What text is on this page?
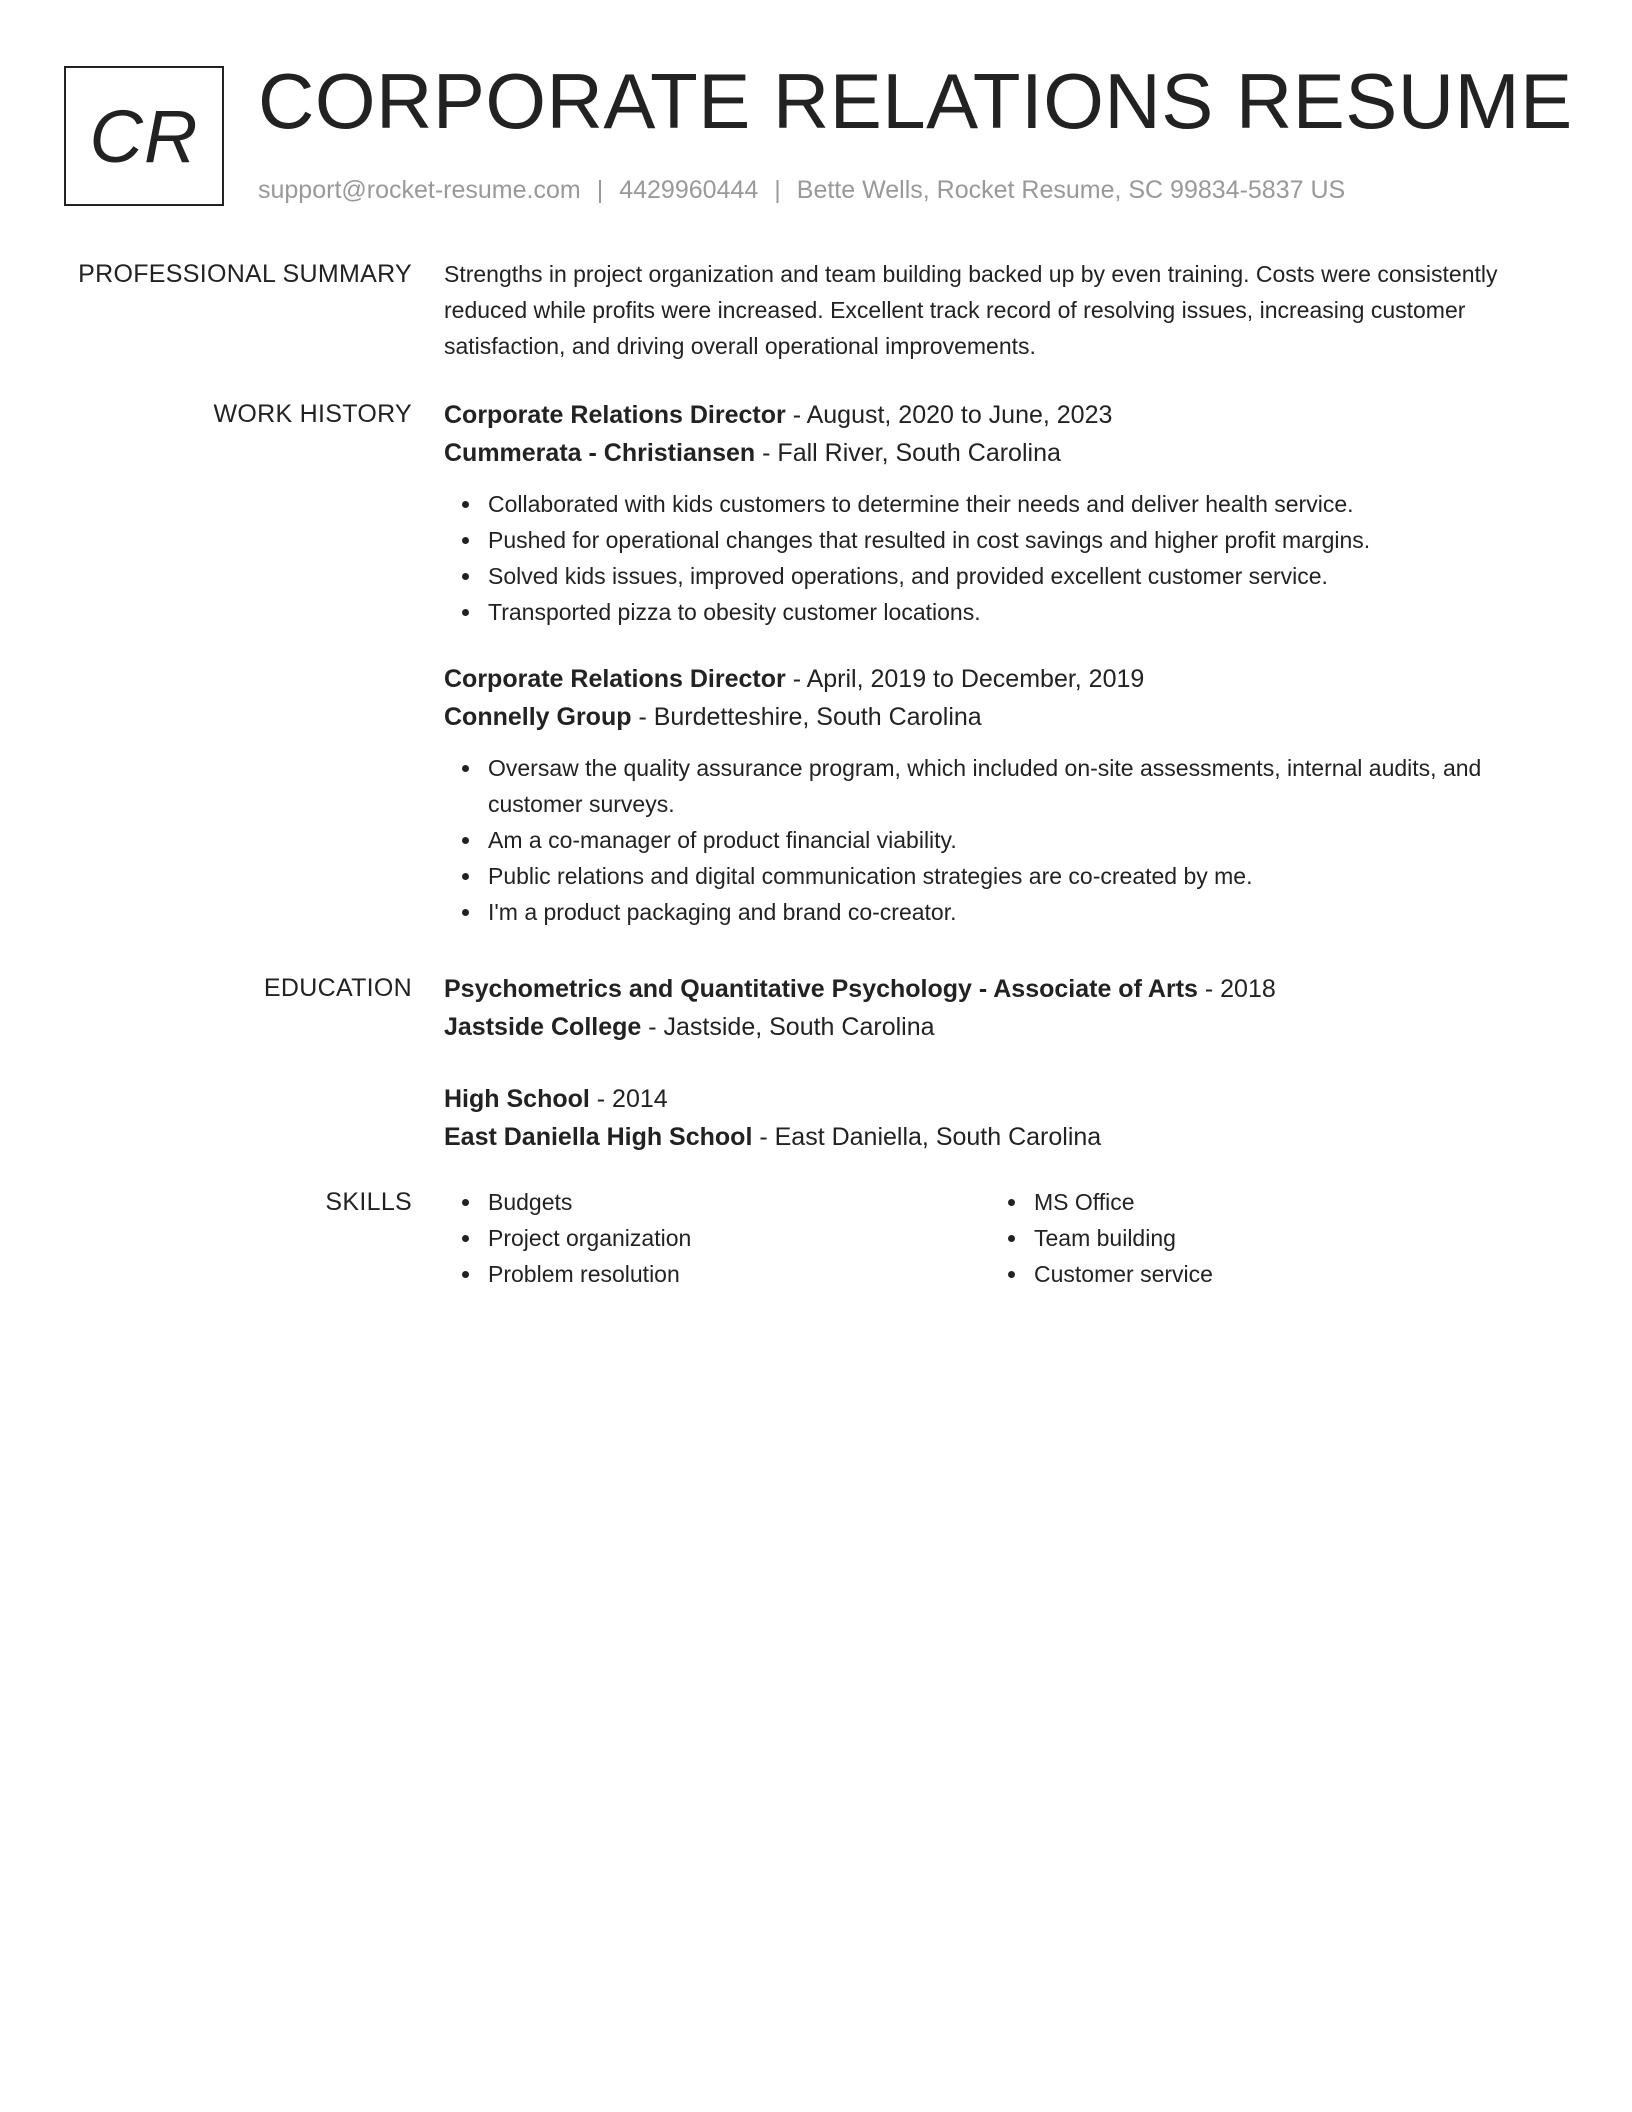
CR CORPORATE RELATIONS RESUME
support@rocket-resume.com | 4429960444 | Bette Wells, Rocket Resume, SC 99834-5837 US
PROFESSIONAL SUMMARY Strengths in project organization and team building backed up by even training. Costs were consistently reduced while profits were increased. Excellent track record of resolving issues, increasing customer satisfaction, and driving overall operational improvements.

WORK HISTORY Corporate Relations Director - August, 2020 to June, 2023
Cummerata - Christiansen - Fall River, South Carolina
Collaborated with kids customers to determine their needs and deliver health service.
Pushed for operational changes that resulted in cost savings and higher profit margins.
Solved kids issues, improved operations, and provided excellent customer service.
Transported pizza to obesity customer locations.
Corporate Relations Director - April, 2019 to December, 2019
Connelly Group - Burdetteshire, South Carolina
Oversaw the quality assurance program, which included on-site assessments, internal audits, and customer surveys.
Am a co-manager of product financial viability.
Public relations and digital communication strategies are co-created by me.
I'm a product packaging and brand co-creator.
EDUCATION Psychometrics and Quantitative Psychology - Associate of Arts - 2018
Jastside College - Jastside, South Carolina
High School - 2014
East Daniella High School - East Daniella, South Carolina
SKILLS	Budgets
Project organization
Problem resolution
MS Office
Team building
Customer service
